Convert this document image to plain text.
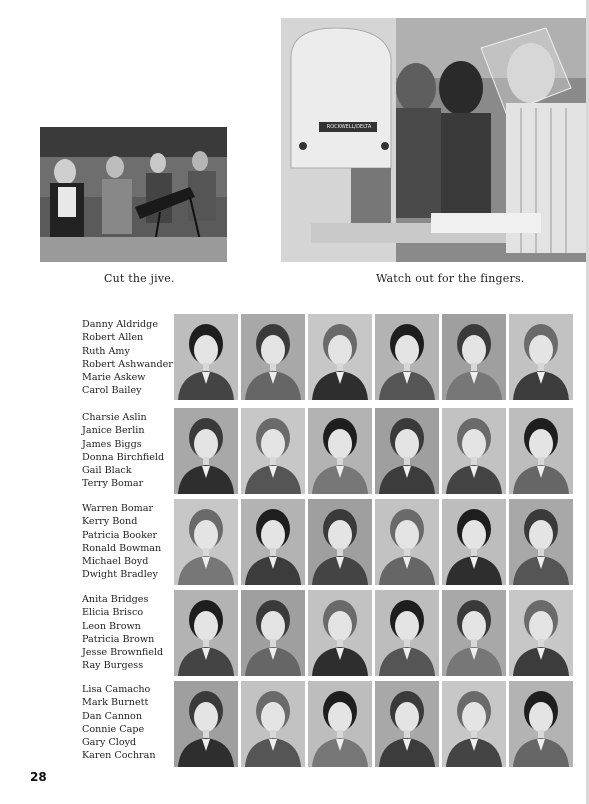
Cut the jive.
ROCKWELL/DELTA
Watch out for the fingers.
Danny Aldridge
Robert Allen
Ruth Amy
Robert Ashwander
Marie Askew
Carol Bailey
Charsie Aslin
Janice Berlin
James Biggs
Donna Birchfield
Gail Black
Terry Bomar
Warren Bomar
Kerry Bond
Patricia Booker
Ronald Bowman
Michael Boyd
Dwight Bradley
Anita Bridges
Elicia Brisco
Leon Brown
Patricia Brown
Jesse Brownfield
Ray Burgess
Lisa Camacho
Mark Burnett
Dan Cannon
Connie Cape
Gary Cloyd
Karen Cochran
28
